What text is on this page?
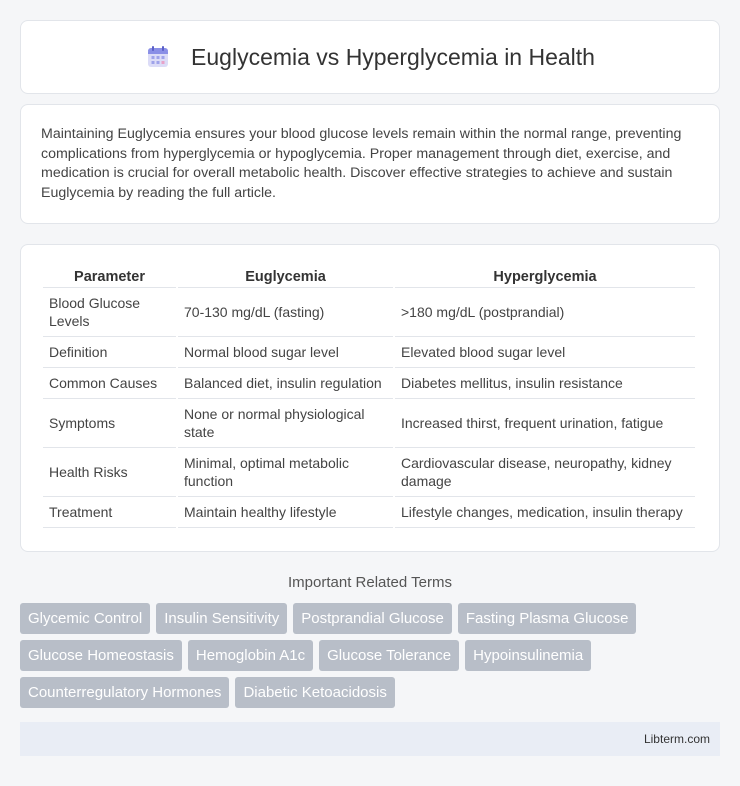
Euglycemia vs Hyperglycemia in Health

Maintaining Euglycemia ensures your blood glucose levels remain within the normal range, preventing complications from hyperglycemia or hypoglycemia. Proper management through diet, exercise, and medication is crucial for overall metabolic health. Discover effective strategies to achieve and sustain Euglycemia by reading the full article.

Parameter	Euglycemia	Hyperglycemia
Blood Glucose Levels	70-130 mg/dL (fasting)	>180 mg/dL (postprandial)
Definition	Normal blood sugar level	Elevated blood sugar level
Common Causes	Balanced diet, insulin regulation	Diabetes mellitus, insulin resistance
Symptoms	None or normal physiological state	Increased thirst, frequent urination, fatigue
Health Risks	Minimal, optimal metabolic function	Cardiovascular disease, neuropathy, kidney damage
Treatment	Maintain healthy lifestyle	Lifestyle changes, medication, insulin therapy
Important Related Terms
Glycemic Control	Insulin Sensitivity	Postprandial Glucose	Fasting Plasma Glucose
Glucose Homeostasis	Hemoglobin A1c	Glucose Tolerance	Hypoinsulinemia
Counterregulatory Hormones	Diabetic Ketoacidosis
Libterm.com
